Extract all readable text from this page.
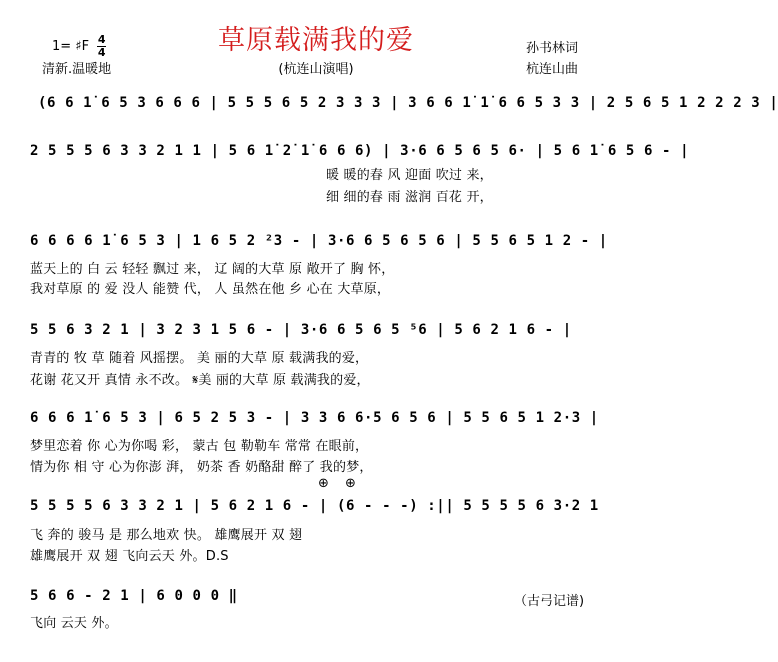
草原载满我的爱
1= ♯F $\frac{4}{4}$
清新.温暖地	(杭连山演唱)
孙书林词
杭连山曲
(6 6 1̇ 6 5 3 6 6 6 | 5 5 5 6 5 2 3 3 3 | 3 6 6 1̇ 1̇ 6 6 5 3 3 | 2 5 6 5 1 2 2 2 3 |
2 5 5 5 6 3 3 2 1 1 | 5 6 1̇ 2̇ 1̇ 6 6 6) | 3·6 6 5 6 5 6· | 5 6 1̇ 6 5 6 - |
暖 暖的春 风 迎面 吹过 来，
细 细的春 雨 滋润 百花 开，
6 6 6 6 1̇ 6 5 3 | 1 6 5 2 ²3 - | 3·6 6 5 6 5 6 | 5 5 6 5 1 2 - |
蓝天上的 白 云 轻轻 飘过 来， 辽 阔的大草 原 敞开了 胸 怀，
我对草原 的 爱 没人 能赞 代， 人 虽然在他 乡 心在 大草原，
5 5 6 3 2 1 | 3 2 3 1 5 6 - | 3·6 6 5 6 5 ⁵6 | 5 6 2 1 6 - |
青青的 牧 草 随着 风摇摆。 美 丽的大草 原 载满我的爱，
花谢 花又开 真情 永不改。 𝄋美 丽的大草 原 载满我的爱，
6 6 6 1̇ 6 5 3 | 6 5 2 5 3 - | 3 3 6 6·5 6 5 6 | 5 5 6 5 1 2·3 |
梦里恋着 你 心为你喝 彩， 蒙古 包 勒勒车 常常 在眼前，
情为你 相 守 心为你澎 湃， 奶茶 香 奶酪甜 醉了 我的梦，
⊕ ⊕
5 5 5 5 6 3 3 2 1 | 5 6 2 1 6 - | (6 - - -) :|| 5 5 5 5 6 3·2 1
飞 奔的 骏马 是 那么地欢 快。 雄鹰展开 双 翅
雄鹰展开 双 翅 飞向云天 外。D.S
5 6 6 - 2 1 | 6 0 0 0 ‖
飞向 云天 外。
（古弓记谱)
